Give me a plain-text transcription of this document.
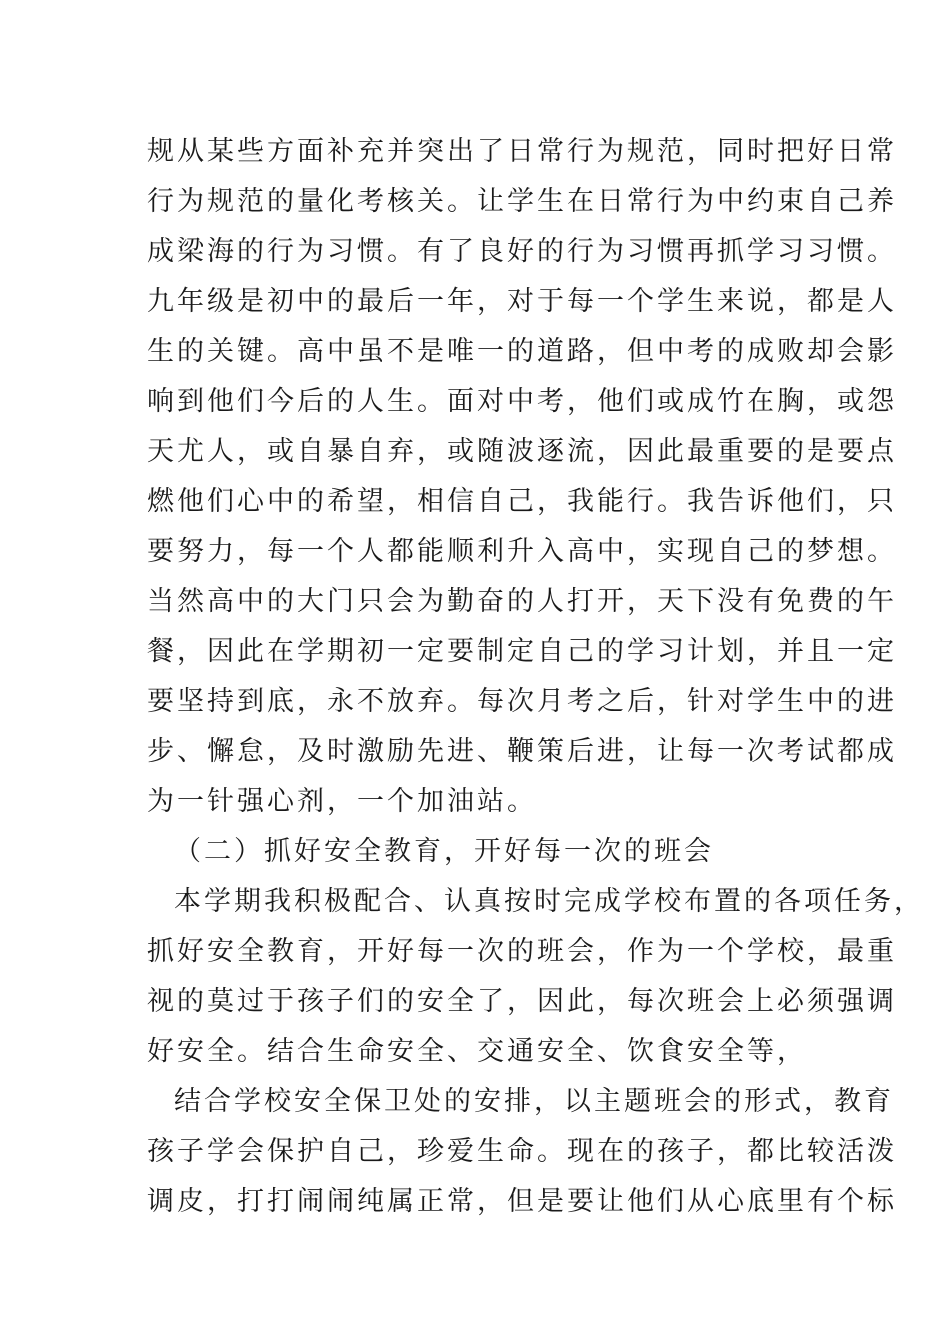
规从某些方面补充并突出了日常行为规范，同时把好日常
行为规范的量化考核关。让学生在日常行为中约束自己养
成梁海的行为习惯。有了良好的行为习惯再抓学习习惯。
九年级是初中的最后一年，对于每一个学生来说，都是人
生的关键。高中虽不是唯一的道路，但中考的成败却会影
响到他们今后的人生。面对中考，他们或成竹在胸，或怨
天尤人，或自暴自弃，或随波逐流，因此最重要的是要点
燃他们心中的希望，相信自己，我能行。我告诉他们，只
要努力，每一个人都能顺利升入高中，实现自己的梦想。
当然高中的大门只会为勤奋的人打开，天下没有免费的午
餐，因此在学期初一定要制定自己的学习计划，并且一定
要坚持到底，永不放弃。每次月考之后，针对学生中的进
步、懈怠，及时激励先进、鞭策后进，让每一次考试都成
为一针强心剂，一个加油站。
（二）抓好安全教育，开好每一次的班会
本学期我积极配合、认真按时完成学校布置的各项任务，
抓好安全教育，开好每一次的班会，作为一个学校，最重
视的莫过于孩子们的安全了，因此，每次班会上必须强调
好安全。结合生命安全、交通安全、饮食安全等，
结合学校安全保卫处的安排，以主题班会的形式，教育
孩子学会保护自己，珍爱生命。现在的孩子，都比较活泼
调皮，打打闹闹纯属正常，但是要让他们从心底里有个标
